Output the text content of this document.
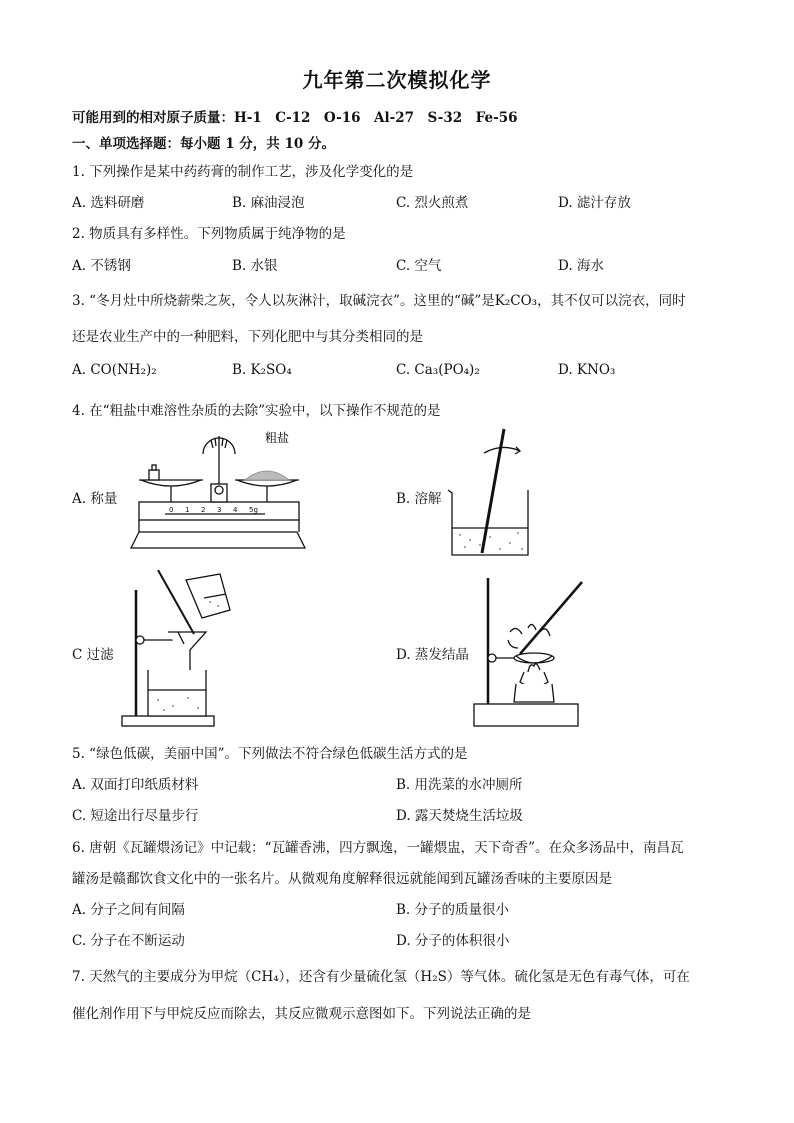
九年第二次模拟化学
可能用到的相对原子质量：H-1　C-12　O-16　Al-27　S-32　Fe-56
一、单项选择题：每小题 1 分，共 10 分。
1. 下列操作是某中药药膏的制作工艺，涉及化学变化的是
A. 选料研磨	B. 麻油浸泡	C. 烈火煎煮	D. 滤汁存放
2. 物质具有多样性。下列物质属于纯净物的是
A. 不锈钢	B. 水银	C. 空气	D. 海水
3. “冬月灶中所烧薪柴之灰，令人以灰淋汁，取碱浣衣”。这里的“碱”是K₂CO₃，其不仅可以浣衣，同时
还是农业生产中的一种肥料，下列化肥中与其分类相同的是
A. CO(NH₂)₂	B. K₂SO₄	C. Ca₃(PO₄)₂	D. KNO₃
4. 在“粗盐中难溶性杂质的去除”实验中，以下操作不规范的是
A. 称量	B. 溶解
C 过滤	D. 蒸发结晶
粗盐
0 1 2 3 4 5g
5. “绿色低碳，美丽中国”。下列做法不符合绿色低碳生活方式的是
A. 双面打印纸质材料	B. 用洗菜的水冲厕所
C. 短途出行尽量步行	D. 露天焚烧生活垃圾
6. 唐朝《瓦罐煨汤记》中记载：“瓦罐香沸，四方飘逸，一罐煨盅，天下奇香”。在众多汤品中，南昌瓦
罐汤是赣鄱饮食文化中的一张名片。从微观角度解释很远就能闻到瓦罐汤香味的主要原因是
A. 分子之间有间隔	B. 分子的质量很小
C. 分子在不断运动	D. 分子的体积很小
7. 天然气的主要成分为甲烷（CH₄），还含有少量硫化氢（H₂S）等气体。硫化氢是无色有毒气体，可在
催化剂作用下与甲烷反应而除去，其反应微观示意图如下。下列说法正确的是
